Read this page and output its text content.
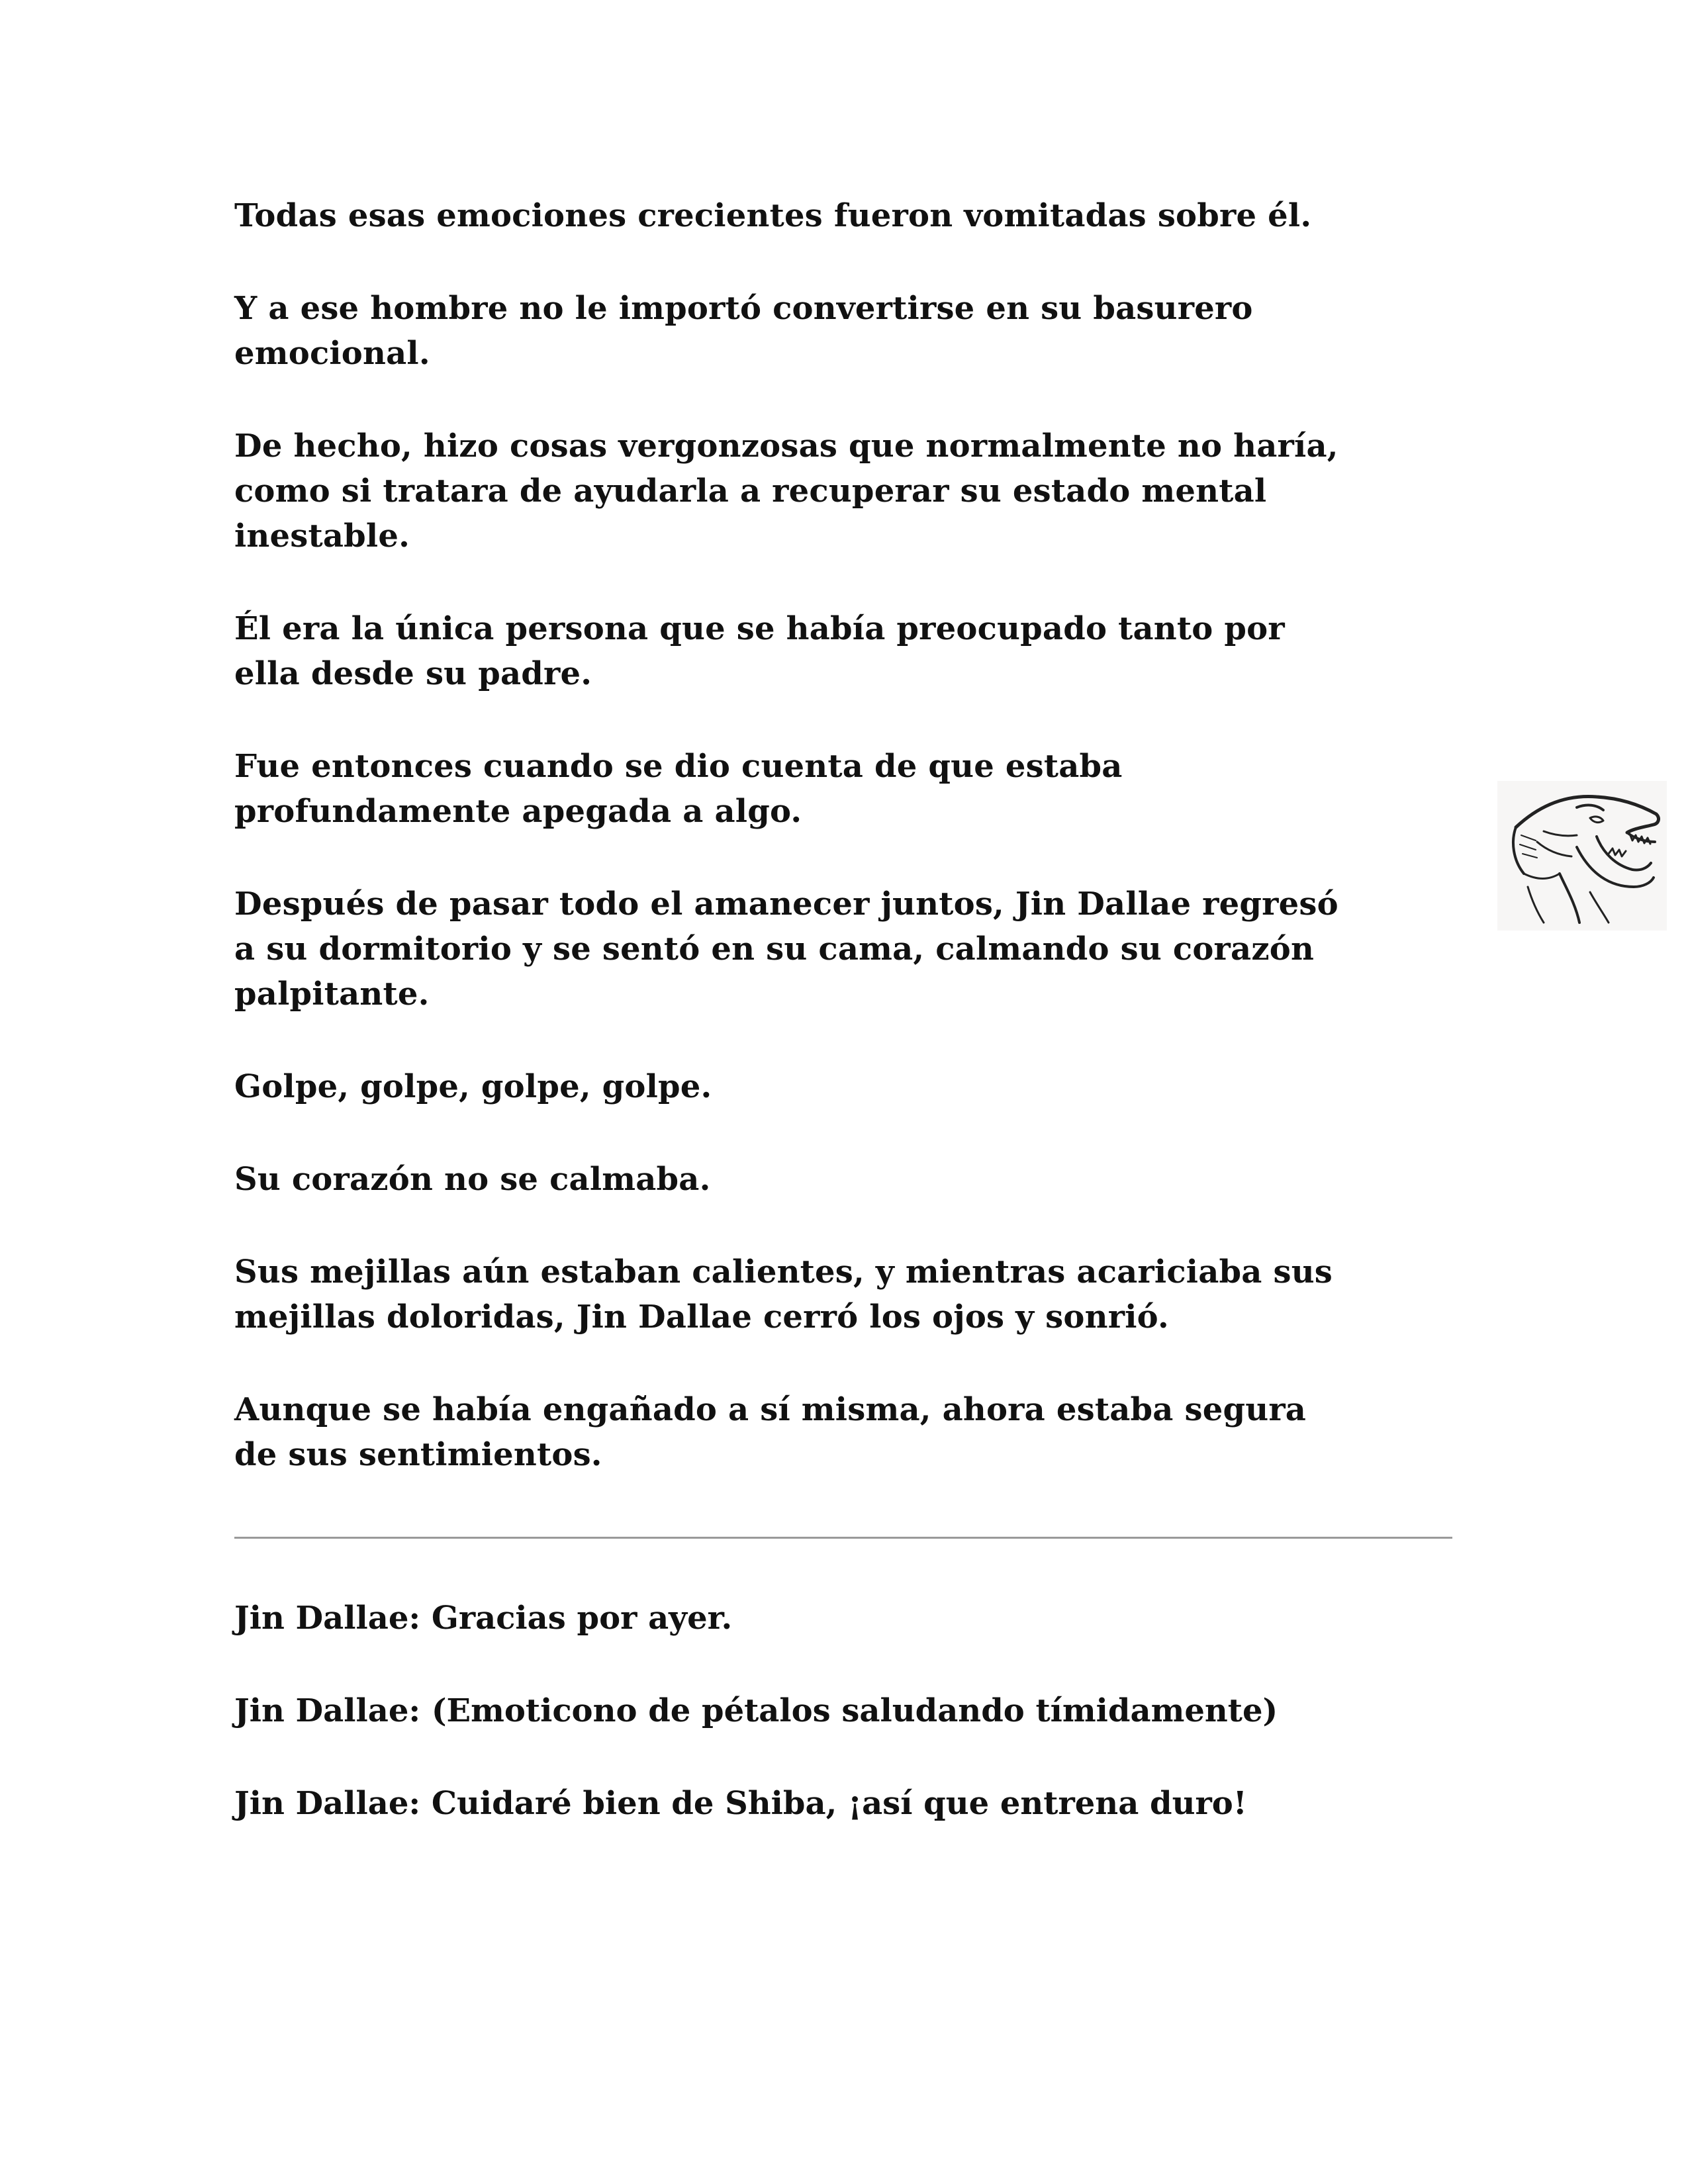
Todas esas emociones crecientes fueron vomitadas sobre él.

Y a ese hombre no le importó convertirse en su basurero
emocional.

De hecho, hizo cosas vergonzosas que normalmente no haría,
como si tratara de ayudarla a recuperar su estado mental
inestable.

Él era la única persona que se había preocupado tanto por
ella desde su padre.

Fue entonces cuando se dio cuenta de que estaba
profundamente apegada a algo.

Después de pasar todo el amanecer juntos, Jin Dallae regresó
a su dormitorio y se sentó en su cama, calmando su corazón
palpitante.

Golpe, golpe, golpe, golpe.

Su corazón no se calmaba.

Sus mejillas aún estaban calientes, y mientras acariciaba sus
mejillas doloridas, Jin Dallae cerró los ojos y sonrió.

Aunque se había engañado a sí misma, ahora estaba segura
de sus sentimientos.

Jin Dallae: Gracias por ayer.

Jin Dallae: (Emoticono de pétalos saludando tímidamente)

Jin Dallae: Cuidaré bien de Shiba, ¡así que entrena duro!
